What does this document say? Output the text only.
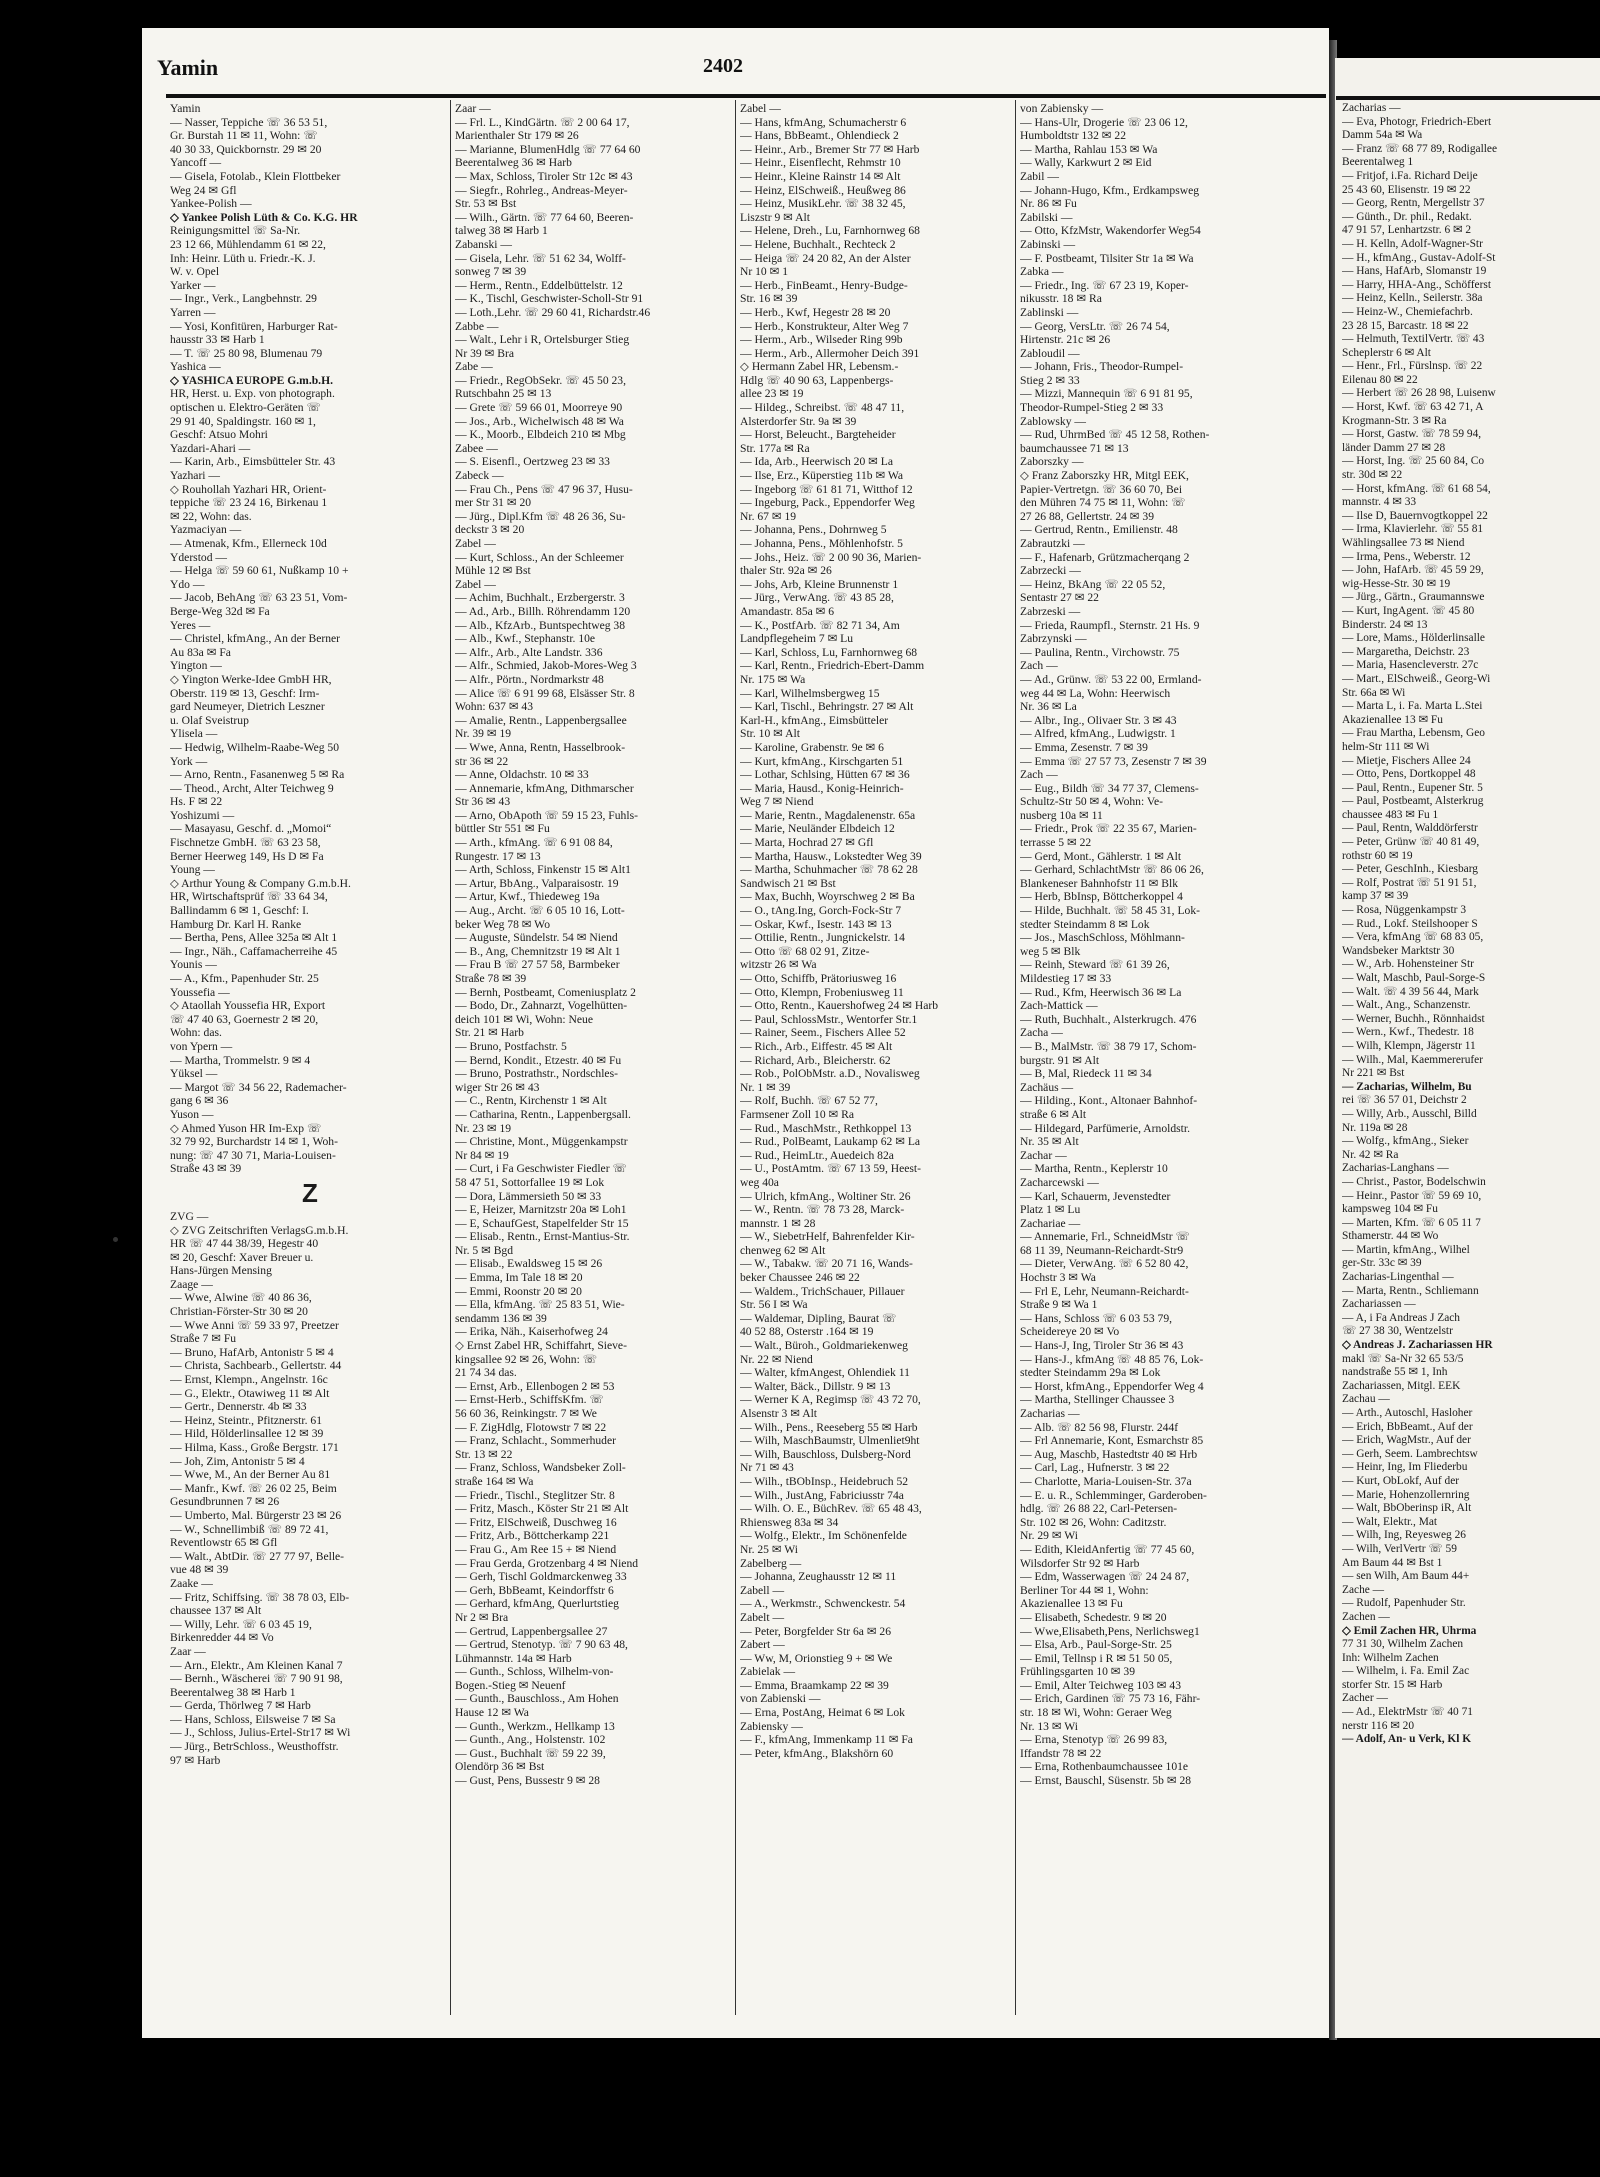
Yamin	2402
Yamin
— Nasser, Teppiche ☏ 36 53 51,
Gr. Burstah 11 ✉ 11, Wohn: ☏
40 30 33, Quickbornstr. 29 ✉ 20
Yancoff —
— Gisela, Fotolab., Klein Flottbeker
Weg 24 ✉ Gfl
Yankee-Polish —
◇ Yankee Polish Lüth & Co. K.G. HR
Reinigungsmittel ☏ Sa-Nr.
23 12 66, Mühlendamm 61 ✉ 22,
Inh: Heinr. Lüth u. Friedr.-K. J.
W. v. Opel
Yarker —
— Ingr., Verk., Langbehnstr. 29
Yarren —
— Yosi, Konfitüren, Harburger Rat-
hausstr 33 ✉ Harb 1
— T. ☏ 25 80 98, Blumenau 79
Yashica —
◇ YASHICA EUROPE G.m.b.H.
HR, Herst. u. Exp. von photograph.
optischen u. Elektro-Geräten ☏
29 91 40, Spaldingstr. 160 ✉ 1,
Geschf: Atsuo Mohri
Yazdari-Ahari —
— Karin, Arb., Eimsbütteler Str. 43
Yazhari —
◇ Rouhollah Yazhari HR, Orient-
teppiche ☏ 23 24 16, Birkenau 1
✉ 22, Wohn: das.
Yazmaciyan —
— Atmenak, Kfm., Ellerneck 10d
Yderstod —
— Helga ☏ 59 60 61, Nußkamp 10 +
Ydo —
— Jacob, BehAng ☏ 63 23 51, Vom-
Berge-Weg 32d ✉ Fa
Yeres —
— Christel, kfmAng., An der Berner
Au 83a ✉ Fa
Yington —
◇ Yington Werke-Idee GmbH HR,
Oberstr. 119 ✉ 13, Geschf: Irm-
gard Neumeyer, Dietrich Leszner
u. Olaf Sveistrup
Ylisela —
— Hedwig, Wilhelm-Raabe-Weg 50
York —
— Arno, Rentn., Fasanenweg 5 ✉ Ra
— Theod., Archt, Alter Teichweg 9
Hs. F ✉ 22
Yoshizumi —
— Masayasu, Geschf. d. „Momoi“
Fischnetze GmbH. ☏ 63 23 58,
Berner Heerweg 149, Hs D ✉ Fa
Young —
◇ Arthur Young & Company G.m.b.H.
HR, Wirtschaftsprüf ☏ 33 64 34,
Ballindamm 6 ✉ 1, Geschf: I.
Hamburg Dr. Karl H. Ranke
— Bertha, Pens, Allee 325a ✉ Alt 1
— Ingr., Näh., Caffamacherreihe 45
Younis —
— A., Kfm., Papenhuder Str. 25
Youssefia —
◇ Ataollah Youssefia HR, Export
☏ 47 40 63, Goernestr 2 ✉ 20,
Wohn: das.
von Ypern —
— Martha, Trommelstr. 9 ✉ 4
Yüksel —
— Margot ☏ 34 56 22, Rademacher-
gang 6 ✉ 36
Yuson —
◇ Ahmed Yuson HR Im-Exp ☏
32 79 92, Burchardstr 14 ✉ 1, Woh-
nung: ☏ 47 30 71, Maria-Louisen-
Straße 43 ✉ 39
Z
ZVG —
◇ ZVG Zeitschriften VerlagsG.m.b.H.
HR ☏ 47 44 38/39, Hegestr 40
✉ 20, Geschf: Xaver Breuer u.
Hans-Jürgen Mensing
Zaage —
— Wwe, Alwine ☏ 40 86 36,
Christian-Förster-Str 30 ✉ 20
— Wwe Anni ☏ 59 33 97, Preetzer
Straße 7 ✉ Fu
— Bruno, HafArb, Antonistr 5 ✉ 4
— Christa, Sachbearb., Gellertstr. 44
— Ernst, Klempn., Angelnstr. 16c
— G., Elektr., Otawiweg 11 ✉ Alt
— Gertr., Dennerstr. 4b ✉ 33
— Heinz, Steintr., Pfitznerstr. 61
— Hild, Hölderlinsallee 12 ✉ 39
— Hilma, Kass., Große Bergstr. 171
— Joh, Zim, Antonistr 5 ✉ 4
— Wwe, M., An der Berner Au 81
— Manfr., Kwf. ☏ 26 02 25, Beim
Gesundbrunnen 7 ✉ 26
— Umberto, Mal. Bürgerstr 23 ✉ 26
— W., Schnellimbiß ☏ 89 72 41,
Reventlowstr 65 ✉ Gfl
— Walt., AbtDir. ☏ 27 77 97, Belle-
vue 48 ✉ 39
Zaake —
— Fritz, Schiffsing. ☏ 38 78 03, Elb-
chaussee 137 ✉ Alt
— Willy, Lehr. ☏ 6 03 45 19,
Birkenredder 44 ✉ Vo
Zaar —
— Arn., Elektr., Am Kleinen Kanal 7
— Bernh., Wäscherei ☏ 7 90 91 98,
Beerentalweg 38 ✉ Harb 1
— Gerda, Thörlweg 7 ✉ Harb
— Hans, Schloss, Eilsweise 7 ✉ Sa
— J., Schloss, Julius-Ertel-Str17 ✉ Wi
— Jürg., BetrSchloss., Weusthoffstr.
97 ✉ Harb
Zaar —
— Frl. L., KindGärtn. ☏ 2 00 64 17,
Marienthaler Str 179 ✉ 26
— Marianne, BlumenHdlg ☏ 77 64 60
Beerentalweg 36 ✉ Harb
— Max, Schloss, Tiroler Str 12c ✉ 43
— Siegfr., Rohrleg., Andreas-Meyer-
Str. 53 ✉ Bst
— Wilh., Gärtn. ☏ 77 64 60, Beeren-
talweg 38 ✉ Harb 1
Zabanski —
— Gisela, Lehr. ☏ 51 62 34, Wolff-
sonweg 7 ✉ 39
— Herm., Rentn., Eddelbüttelstr. 12
— K., Tischl, Geschwister-Scholl-Str 91
— Loth.,Lehr. ☏ 29 60 41, Richardstr.46
Zabbe —
— Walt., Lehr i R, Ortelsburger Stieg
Nr 39 ✉ Bra
Zabe —
— Friedr., RegObSekr. ☏ 45 50 23,
Rutschbahn 25 ✉ 13
— Grete ☏ 59 66 01, Moorreye 90
— Jos., Arb., Wichelwisch 48 ✉ Wa
— K., Moorb., Elbdeich 210 ✉ Mbg
Zabee —
— S. Eisenfl., Oertzweg 23 ✉ 33
Zabeck —
— Frau Ch., Pens ☏ 47 96 37, Husu-
mer Str 31 ✉ 20
— Jürg., Dipl.Kfm ☏ 48 26 36, Su-
deckstr 3 ✉ 20
Zabel —
— Kurt, Schloss., An der Schleemer
Mühle 12 ✉ Bst
Zabel —
— Achim, Buchhalt., Erzbergerstr. 3
— Ad., Arb., Billh. Röhrendamm 120
— Alb., KfzArb., Buntspechtweg 38
— Alb., Kwf., Stephanstr. 10e
— Alfr., Arb., Alte Landstr. 336
— Alfr., Schmied, Jakob-Mores-Weg 3
— Alfr., Pörtn., Nordmarkstr 48
— Alice ☏ 6 91 99 68, Elsässer Str. 8
Wohn: 637 ✉ 43
— Amalie, Rentn., Lappenbergsallee
Nr. 39 ✉ 19
— Wwe, Anna, Rentn, Hasselbrook-
str 36 ✉ 22
— Anne, Oldachstr. 10 ✉ 33
— Annemarie, kfmAng, Dithmarscher
Str 36 ✉ 43
— Arno, ObApoth ☏ 59 15 23, Fuhls-
büttler Str 551 ✉ Fu
— Arth., kfmAng. ☏ 6 91 08 84,
Rungestr. 17 ✉ 13
— Arth, Schloss, Finkenstr 15 ✉ Alt1
— Artur, BbAng., Valparaisostr. 19
— Artur, Kwf., Thiedeweg 19a
— Aug., Archt. ☏ 6 05 10 16, Lott-
beker Weg 78 ✉ Wo
— Auguste, Sündelstr. 54 ✉ Niend
— B., Ang, Chemnitzstr 19 ✉ Alt 1
— Frau B ☏ 27 57 58, Barmbeker
Straße 78 ✉ 39
— Bernh, Postbeamt, Comeniusplatz 2
— Bodo, Dr., Zahnarzt, Vogelhütten-
deich 101 ✉ Wi, Wohn: Neue
Str. 21 ✉ Harb
— Bruno, Postfachstr. 5
— Bernd, Kondit., Etzestr. 40 ✉ Fu
— Bruno, Postrathstr., Nordschles-
wiger Str 26 ✉ 43
— C., Rentn, Kirchenstr 1 ✉ Alt
— Catharina, Rentn., Lappenbergsall.
Nr. 23 ✉ 19
— Christine, Mont., Müggenkampstr
Nr 84 ✉ 19
— Curt, i Fa Geschwister Fiedler ☏
58 47 51, Sottorfallee 19 ✉ Lok
— Dora, Lämmersieth 50 ✉ 33
— E, Heizer, Marnitzstr 20a ✉ Loh1
— E, SchaufGest, Stapelfelder Str 15
— Elisab., Rentn., Ernst-Mantius-Str.
Nr. 5 ✉ Bgd
— Elisab., Ewaldsweg 15 ✉ 26
— Emma, Im Tale 18 ✉ 20
— Emmi, Roonstr 20 ✉ 20
— Ella, kfmAng. ☏ 25 83 51, Wie-
sendamm 136 ✉ 39
— Erika, Näh., Kaiserhofweg 24
◇ Ernst Zabel HR, Schiffahrt, Sieve-
kingsallee 92 ✉ 26, Wohn: ☏
21 74 34 das.
— Ernst, Arb., Ellenbogen 2 ✉ 53
— Ernst-Herb., SchiffsKfm. ☏
56 60 36, Reinkingstr. 7 ✉ We
— F. ZigHdlg, Flotowstr 7 ✉ 22
— Franz, Schlacht., Sommerhuder
Str. 13 ✉ 22
— Franz, Schloss, Wandsbeker Zoll-
straße 164 ✉ Wa
— Friedr., Tischl., Steglitzer Str. 8
— Fritz, Masch., Köster Str 21 ✉ Alt
— Fritz, ElSchweiß, Duschweg 16
— Fritz, Arb., Böttcherkamp 221
— Frau G., Am Ree 15 + ✉ Niend
— Frau Gerda, Grotzenbarg 4 ✉ Niend
— Gerh, Tischl Goldmarckenweg 33
— Gerh, BbBeamt, Keindorffstr 6
— Gerhard, kfmAng, Querlurtstieg
Nr 2 ✉ Bra
— Gertrud, Lappenbergsallee 27
— Gertrud, Stenotyp. ☏ 7 90 63 48,
Lühmannstr. 14a ✉ Harb
— Gunth., Schloss, Wilhelm-von-
Bogen.-Stieg ✉ Neuenf
— Gunth., Bauschloss., Am Hohen
Hause 12 ✉ Wa
— Gunth., Werkzm., Hellkamp 13
— Gunth., Ang., Holstenstr. 102
— Gust., Buchhalt ☏ 59 22 39,
Olendörp 36 ✉ Bst
— Gust, Pens, Bussestr 9 ✉ 28
Zabel —
— Hans, kfmAng, Schumacherstr 6
— Hans, BbBeamt., Ohlendieck 2
— Heinr., Arb., Bremer Str 77 ✉ Harb
— Heinr., Eisenflecht, Rehmstr 10
— Heinr., Kleine Rainstr 14 ✉ Alt
— Heinz, ElSchweiß., Heußweg 86
— Heinz, MusikLehr. ☏ 38 32 45,
Liszstr 9 ✉ Alt
— Helene, Dreh., Lu, Farnhornweg 68
— Helene, Buchhalt., Rechteck 2
— Heiga ☏ 24 20 82, An der Alster
Nr 10 ✉ 1
— Herb., FinBeamt., Henry-Budge-
Str. 16 ✉ 39
— Herb., Kwf, Hegestr 28 ✉ 20
— Herb., Konstrukteur, Alter Weg 7
— Herm., Arb., Wilseder Ring 99b
— Herm., Arb., Allermoher Deich 391
◇ Hermann Zabel HR, Lebensm.-
Hdlg ☏ 40 90 63, Lappenbergs-
allee 23 ✉ 19
— Hildeg., Schreibst. ☏ 48 47 11,
Alsterdorfer Str. 9a ✉ 39
— Horst, Beleucht., Bargteheider
Str. 177a ✉ Ra
— Ida, Arb., Heerwisch 20 ✉ La
— Ilse, Erz., Küperstieg 11b ✉ Wa
— Ingeborg ☏ 61 81 71, Witthof 12
— Ingeburg, Pack., Eppendorfer Weg
Nr. 67 ✉ 19
— Johanna, Pens., Dohrnweg 5
— Johanna, Pens., Möhlenhofstr. 5
— Johs., Heiz. ☏ 2 00 90 36, Marien-
thaler Str. 92a ✉ 26
— Johs, Arb, Kleine Brunnenstr 1
— Jürg., VerwAng. ☏ 43 85 28,
Amandastr. 85a ✉ 6
— K., PostfArb. ☏ 82 71 34, Am
Landpflegeheim 7 ✉ Lu
— Karl, Schloss, Lu, Farnhornweg 68
— Karl, Rentn., Friedrich-Ebert-Damm
Nr. 175 ✉ Wa
— Karl, Wilhelmsbergweg 15
— Karl, Tischl., Behringstr. 27 ✉ Alt
Karl-H., kfmAng., Eimsbütteler
Str. 10 ✉ Alt
— Karoline, Grabenstr. 9e ✉ 6
— Kurt, kfmAng., Kirschgarten 51
— Lothar, Schlsing, Hütten 67 ✉ 36
— Maria, Hausd., Konig-Heinrich-
Weg 7 ✉ Niend
— Marie, Rentn., Magdalenenstr. 65a
— Marie, Neuländer Elbdeich 12
— Marta, Hochrad 27 ✉ Gfl
— Martha, Hausw., Lokstedter Weg 39
— Martha, Schuhmacher ☏ 78 62 28
Sandwisch 21 ✉ Bst
— Max, Buchh, Woyrschweg 2 ✉ Ba
— O., tAng.Ing, Gorch-Fock-Str 7
— Oskar, Kwf., Isestr. 143 ✉ 13
— Ottilie, Rentn., Jungnickelstr. 14
— Otto ☏ 68 02 91, Zitze-
witzstr 26 ✉ Wa
— Otto, Schiffb, Prätoriusweg 16
— Otto, Klempn, Frobeniusweg 11
— Otto, Rentn., Kauershofweg 24 ✉ Harb
— Paul, SchlossMstr., Wentorfer Str.1
— Rainer, Seem., Fischers Allee 52
— Rich., Arb., Eiffestr. 45 ✉ Alt
— Richard, Arb., Bleicherstr. 62
— Rob., PolObMstr. a.D., Novalisweg
Nr. 1 ✉ 39
— Rolf, Buchh. ☏ 67 52 77,
Farmsener Zoll 10 ✉ Ra
— Rud., MaschMstr., Rethkoppel 13
— Rud., PolBeamt, Laukamp 62 ✉ La
— Rud., HeimLtr., Auedeich 82a
— U., PostAmtm. ☏ 67 13 59, Heest-
weg 40a
— Ulrich, kfmAng., Woltiner Str. 26
— W., Rentn. ☏ 78 73 28, Marck-
mannstr. 1 ✉ 28
— W., SiebetrHelf, Bahrenfelder Kir-
chenweg 62 ✉ Alt
— W., Tabakw. ☏ 20 71 16, Wands-
beker Chaussee 246 ✉ 22
— Waldem., TrichSchauer, Pillauer
Str. 56 I ✉ Wa
— Waldemar, Dipling, Baurat ☏
40 52 88, Osterstr .164 ✉ 19
— Walt., Büroh., Goldmariekenweg
Nr. 22 ✉ Niend
— Walter, kfmAngest, Ohlendiek 11
— Walter, Bäck., Dillstr. 9 ✉ 13
— Werner K A, Regimsp ☏ 43 72 70,
Alsenstr 3 ✉ Alt
— Wilh., Pens., Reeseberg 55 ✉ Harb
— Wilh, MaschBaumstr, Ulmenliet9ht
— Wilh, Bauschloss, Dulsberg-Nord
Nr 71 ✉ 43
— Wilh., tBObInsp., Heidebruch 52
— Wilh., JustAng, Fabriciusstr 74a
— Wilh. O. E., BüchRev. ☏ 65 48 43,
Rhiensweg 83a ✉ 34
— Wolfg., Elektr., Im Schönenfelde
Nr. 25 ✉ Wi
Zabelberg —
— Johanna, Zeughausstr 12 ✉ 11
Zabell —
— A., Werkmstr., Schwenckestr. 54
Zabelt —
— Peter, Borgfelder Str 6a ✉ 26
Zabert —
— Ww, M, Orionstieg 9 + ✉ We
Zabielak —
— Emma, Braamkamp 22 ✉ 39
von Zabienski —
— Erna, PostAng, Heimat 6 ✉ Lok
Zabiensky —
— F., kfmAng, Immenkamp 11 ✉ Fa
— Peter, kfmAng., Blakshörn 60
von Zabiensky —
— Hans-Ulr, Drogerie ☏ 23 06 12,
Humboldtstr 132 ✉ 22
— Martha, Rahlau 153 ✉ Wa
— Wally, Karkwurt 2 ✉ Eid
Zabil —
— Johann-Hugo, Kfm., Erdkampsweg
Nr. 86 ✉ Fu
Zabilski —
— Otto, KfzMstr, Wakendorfer Weg54
Zabinski —
— F. Postbeamt, Tilsiter Str 1a ✉ Wa
Zabka —
— Friedr., Ing. ☏ 67 23 19, Koper-
nikusstr. 18 ✉ Ra
Zablinski —
— Georg, VersLtr. ☏ 26 74 54,
Hirtenstr. 21c ✉ 26
Zabloudil —
— Johann, Fris., Theodor-Rumpel-
Stieg 2 ✉ 33
— Mizzi, Mannequin ☏ 6 91 81 95,
Theodor-Rumpel-Stieg 2 ✉ 33
Zablowsky —
— Rud, UhrmBed ☏ 45 12 58, Rothen-
baumchaussee 71 ✉ 13
Zaborszky —
◇ Franz Zaborszky HR, Mitgl EEK,
Papier-Vertretgn. ☏ 36 60 70, Bei
den Mühren 74 75 ✉ 11, Wohn: ☏
27 26 88, Gellertstr. 24 ✉ 39
— Gertrud, Rentn., Emilienstr. 48
Zabrautzki —
— F., Hafenarb, Grützmacherqang 2
Zabrzecki —
— Heinz, BkAng ☏ 22 05 52,
Sentastr 27 ✉ 22
Zabrzeski —
— Frieda, Raumpfl., Sternstr. 21 Hs. 9
Zabrzynski —
— Paulina, Rentn., Virchowstr. 75
Zach —
— Ad., Grünw. ☏ 53 22 00, Ermland-
weg 44 ✉ La, Wohn: Heerwisch
Nr. 36 ✉ La
— Albr., Ing., Olivaer Str. 3 ✉ 43
— Alfred, kfmAng., Ludwigstr. 1
— Emma, Zesenstr. 7 ✉ 39
— Emma ☏ 27 57 73, Zesenstr 7 ✉ 39
Zach —
— Eug., Bildh ☏ 34 77 37, Clemens-
Schultz-Str 50 ✉ 4, Wohn: Ve-
nusberg 10a ✉ 11
— Friedr., Prok ☏ 22 35 67, Marien-
terrasse 5 ✉ 22
— Gerd, Mont., Gählerstr. 1 ✉ Alt
— Gerhard, SchlachtMstr ☏ 86 06 26,
Blankeneser Bahnhofstr 11 ✉ Blk
— Herb, BbInsp, Böttcherkoppel 4
— Hilde, Buchhalt. ☏ 58 45 31, Lok-
stedter Steindamm 8 ✉ Lok
— Jos., MaschSchloss, Möhlmann-
weg 5 ✉ Blk
— Reinh, Steward ☏ 61 39 26,
Mildestieg 17 ✉ 33
— Rud., Kfm, Heerwisch 36 ✉ La
Zach-Mattick —
— Ruth, Buchhalt., Alsterkrugch. 476
Zacha —
— B., MalMstr. ☏ 38 79 17, Schom-
burgstr. 91 ✉ Alt
— B, Mal, Riedeck 11 ✉ 34
Zachäus —
— Hilding., Kont., Altonaer Bahnhof-
straße 6 ✉ Alt
— Hildegard, Parfümerie, Arnoldstr.
Nr. 35 ✉ Alt
Zachar —
— Martha, Rentn., Keplerstr 10
Zacharcewski —
— Karl, Schauerm, Jevenstedter
Platz 1 ✉ Lu
Zachariae —
— Annemarie, Frl., SchneidMstr ☏
68 11 39, Neumann-Reichardt-Str9
— Dieter, VerwAng. ☏ 6 52 80 42,
Hochstr 3 ✉ Wa
— Frl E, Lehr, Neumann-Reichardt-
Straße 9 ✉ Wa 1
— Hans, Schloss ☏ 6 03 53 79,
Scheidereye 20 ✉ Vo
— Hans-J, Ing, Tiroler Str 36 ✉ 43
— Hans-J., kfmAng ☏ 48 85 76, Lok-
stedter Steindamm 29a ✉ Lok
— Horst, kfmAng., Eppendorfer Weg 4
— Martha, Stellinger Chaussee 3
Zacharias —
— Alb. ☏ 82 56 98, Flurstr. 244f
— Frl Annemarie, Kont, Esmarchstr 85
— Aug, Maschb, Hastedtstr 40 ✉ Hrb
— Carl, Lag., Hufnerstr. 3 ✉ 22
— Charlotte, Maria-Louisen-Str. 37a
— E. u. R., Schlemminger, Garderoben-
hdlg. ☏ 26 88 22, Carl-Petersen-
Str. 102 ✉ 26, Wohn: Caditzstr.
Nr. 29 ✉ Wi
— Edith, KleidAnfertig ☏ 77 45 60,
Wilsdorfer Str 92 ✉ Harb
— Edm, Wasserwagen ☏ 24 24 87,
Berliner Tor 44 ✉ 1, Wohn:
Akazienallee 13 ✉ Fu
— Elisabeth, Schedestr. 9 ✉ 20
— Wwe,Elisabeth,Pens, Nerlichsweg1
— Elsa, Arb., Paul-Sorge-Str. 25
— Emil, Tellnsp i R ✉ 51 50 05,
Frühlingsgarten 10 ✉ 39
— Emil, Alter Teichweg 103 ✉ 43
— Erich, Gardinen ☏ 75 73 16, Fähr-
str. 18 ✉ Wi, Wohn: Geraer Weg
Nr. 13 ✉ Wi
— Erna, Stenotyp ☏ 26 99 83,
Iffandstr 78 ✉ 22
— Erna, Rothenbaumchaussee 101e
— Ernst, Bauschl, Süsenstr. 5b ✉ 28
Zacharias —
— Eva, Photogr, Friedrich-Ebert
Damm 54a ✉ Wa
— Franz ☏ 68 77 89, Rodigallee
Beerentalweg 1
— Fritjof, i.Fa. Richard Deije
25 43 60, Elisenstr. 19 ✉ 22
— Georg, Rentn, Mergellstr 37
— Günth., Dr. phil., Redakt.
47 91 57, Lenhartzstr. 6 ✉ 2
— H. Kelln, Adolf-Wagner-Str
— H., kfmAng., Gustav-Adolf-St
— Hans, HafArb, Slomanstr 19
— Harry, HHA-Ang., Schöfferst
— Heinz, Kelln., Seilerstr. 38a
— Heinz-W., Chemiefachrb.
23 28 15, Barcastr. 18 ✉ 22
— Helmuth, TextilVertr. ☏ 43
Scheplerstr 6 ✉ Alt
— Henr., Frl., Fürslnsp. ☏ 22
Eilenau 80 ✉ 22
— Herbert ☏ 26 28 98, Luisenw
— Horst, Kwf. ☏ 63 42 71, A
Krogmann-Str. 3 ✉ Ra
— Horst, Gastw. ☏ 78 59 94,
länder Damm 27 ✉ 28
— Horst, Ing. ☏ 25 60 84, Co
str. 30d ✉ 22
— Horst, kfmAng. ☏ 61 68 54,
mannstr. 4 ✉ 33
— Ilse D, Bauernvogtkoppel 22
— Irma, Klavierlehr. ☏ 55 81
Wählingsallee 73 ✉ Niend
— Irma, Pens., Weberstr. 12
— John, HafArb. ☏ 45 59 29,
wig-Hesse-Str. 30 ✉ 19
— Jürg., Gärtn., Graumannswe
— Kurt, IngAgent. ☏ 45 80
Binderstr. 24 ✉ 13
— Lore, Mams., Hölderlinsalle
— Margaretha, Deichstr. 23
— Maria, Hasencleverstr. 27c
— Mart., ElSchweiß., Georg-Wi
Str. 66a ✉ Wi
— Marta L, i. Fa. Marta L.Stei
Akazienallee 13 ✉ Fu
— Frau Martha, Lebensm, Geo
helm-Str 111 ✉ Wi
— Mietje, Fischers Allee 24
— Otto, Pens, Dortkoppel 48
— Paul, Rentn., Eupener Str. 5
— Paul, Postbeamt, Alsterkrug
chaussee 483 ✉ Fu 1
— Paul, Rentn, Walddörferstr
— Peter, Grünw ☏ 40 81 49,
rothstr 60 ✉ 19
— Peter, GeschInh., Kiesbarg
— Rolf, Postrat ☏ 51 91 51,
kamp 37 ✉ 39
— Rosa, Nüggenkampstr 3
— Rud., Lokf. Steilshooper S
— Vera, kfmAng ☏ 68 83 05,
Wandsbeker Marktstr 30
— W., Arb. Hohensteiner Str
— Walt, Maschb, Paul-Sorge-S
— Walt. ☏ 4 39 56 44, Mark
— Walt., Ang., Schanzenstr.
— Werner, Buchh., Rönnhaidst
— Wern., Kwf., Thedestr. 18
— Wilh, Klempn, Jägerstr 11
— Wilh., Mal, Kaemmererufer
Nr 221 ✉ Bst
— Zacharias, Wilhelm, Bu
rei ☏ 36 57 01, Deichstr 2
— Willy, Arb., Ausschl, Billd
Nr. 119a ✉ 28
— Wolfg., kfmAng., Sieker
Nr. 42 ✉ Ra
Zacharias-Langhans —
— Christ., Pastor, Bodelschwin
— Heinr., Pastor ☏ 59 69 10,
kampsweg 104 ✉ Fu
— Marten, Kfm. ☏ 6 05 11 7
Sthamerstr. 44 ✉ Wo
— Martin, kfmAng., Wilhel
ger-Str. 33c ✉ 39
Zacharias-Lingenthal —
— Marta, Rentn., Schliemann
Zachariassen —
— A, i Fa Andreas J Zach
☏ 27 38 30, Wentzelstr
◇ Andreas J. Zachariassen HR
makl ☏ Sa-Nr 32 65 53/5
nandstraße 55 ✉ 1, Inh
Zachariassen, Mitgl. EEK
Zachau —
— Arth., Autoschl, Hasloher
— Erich, BbBeamt., Auf der
— Erich, WagMstr., Auf der
— Gerh, Seem. Lambrechtsw
— Heinr, Ing, Im Fliederbu
— Kurt, ObLokf, Auf der
— Marie, Hohenzollernring
— Walt, BbOberinsp iR, Alt
— Walt, Elektr., Mat
— Wilh, Ing, Reyesweg 26
— Wilh, VerlVertr ☏ 59
Am Baum 44 ✉ Bst 1
— sen Wilh, Am Baum 44+
Zache —
— Rudolf, Papenhuder Str.
Zachen —
◇ Emil Zachen HR, Uhrma
77 31 30, Wilhelm Zachen
Inh: Wilhelm Zachen
— Wilhelm, i. Fa. Emil Zac
storfer Str. 15 ✉ Harb
Zacher —
— Ad., ElektrMstr ☏ 40 71
nerstr 116 ✉ 20
— Adolf, An- u Verk, Kl K
